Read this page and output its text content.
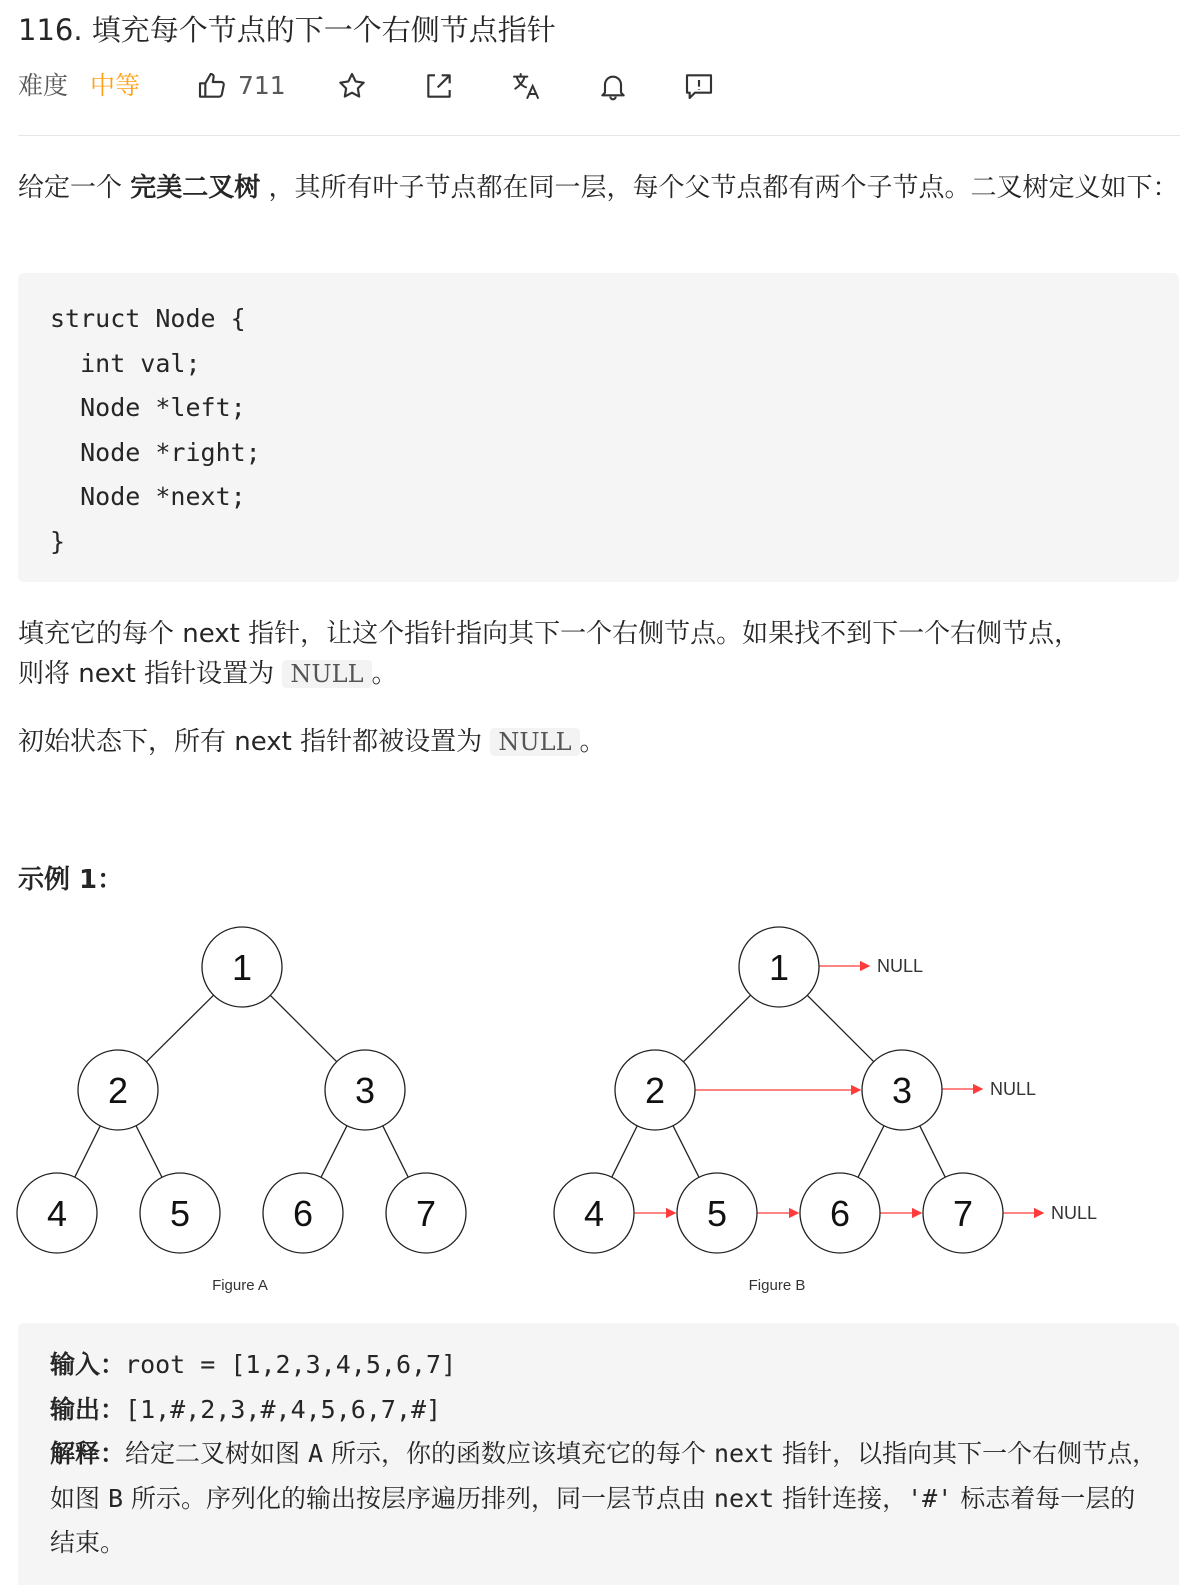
116. 填充每个节点的下一个右侧节点指针
难度 中等	711
给定一个 完美二叉树 ，其所有叶子节点都在同一层，每个父节点都有两个子节点。二叉树定义如下：
struct Node {
int val;
Node *left;
Node *right;
Node *next;
}
填充它的每个 next 指针，让这个指针指向其下一个右侧节点。如果找不到下一个右侧节点，
则将 next 指针设置为 NULL 。
初始状态下，所有 next 指针都被设置为 NULL 。
示例 1：
1
2	3
4	5	6	7
1
2	3
4	5	6	7
NULL
NULL
NULL
Figure A	Figure B
输入：root = [1,2,3,4,5,6,7]
输出：[1,#,2,3,#,4,5,6,7,#]
解释：给定二叉树如图 A 所示，你的函数应该填充它的每个 next 指针，以指向其下一个右侧节点，如图 B 所示。序列化的输出按层序遍历排列，同一层节点由 next 指针连接，'#' 标志着每一层的结束。
